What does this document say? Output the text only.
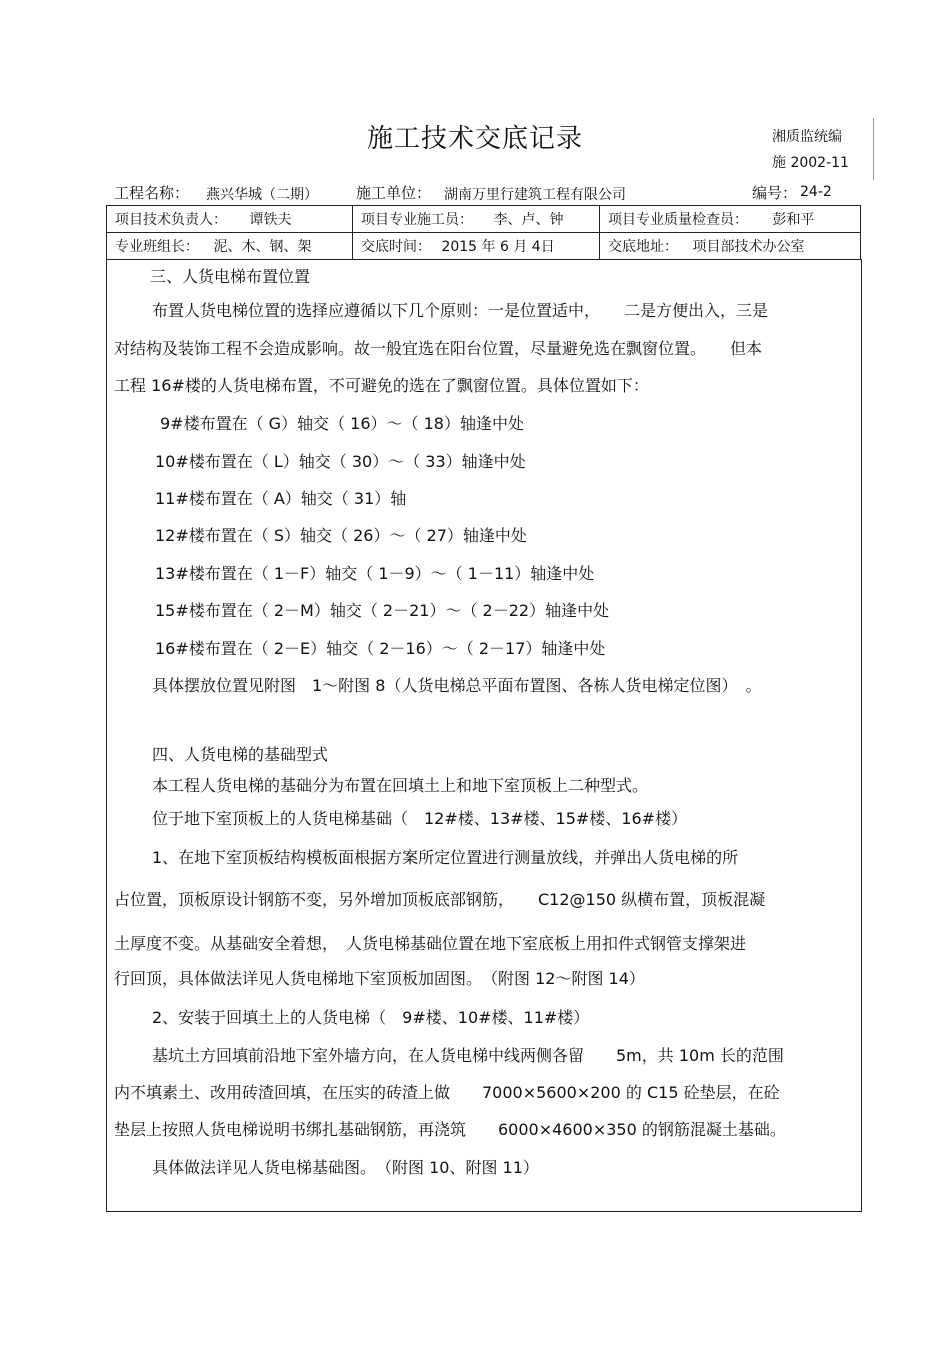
施工技术交底记录	湘质监统编
施 2002-11
工程名称： 燕兴华城（二期）	施工单位： 湖南万里行建筑工程有限公司	编号： 24-2
项目技术负责人： 谭铁夫	项目专业施工员： 李、卢、钟	项目专业质量检查员： 彭和平
专业班组长： 泥、木、钢、架	交底时间： 2015 年 6 月 4日	交底地址： 项目部技术办公室
三、人货电梯布置位置
布置人货电梯位置的选择应遵循以下几个原则：一是位置适中，　　二是方便出入，三是
对结构及装饰工程不会造成影响。故一般宜选在阳台位置，尽量避免选在飘窗位置。　　但本
工程 16#楼的人货电梯布置，不可避免的选在了飘窗位置。具体位置如下：
9#楼布置在（ G）轴交（ 16）～（ 18）轴逢中处
10#楼布置在（ L）轴交（ 30）～（ 33）轴逢中处
11#楼布置在（ A）轴交（ 31）轴
12#楼布置在（ S）轴交（ 26）～（ 27）轴逢中处
13#楼布置在（ 1－F）轴交（ 1－9）～（ 1－11）轴逢中处
15#楼布置在（ 2－M）轴交（ 2－21）～（ 2－22）轴逢中处
16#楼布置在（ 2－E）轴交（ 2－16）～（ 2－17）轴逢中处
具体摆放位置见附图　1～附图 8（人货电梯总平面布置图、各栋人货电梯定位图）　。
四、人货电梯的基础型式
本工程人货电梯的基础分为布置在回填土上和地下室顶板上二种型式。
位于地下室顶板上的人货电梯基础（　12#楼、13#楼、15#楼、16#楼）
1、在地下室顶板结构模板面根据方案所定位置进行测量放线，并弹出人货电梯的所
占位置，顶板原设计钢筋不变，另外增加顶板底部钢筋，　　C12@150 纵横布置，顶板混凝
土厚度不变。从基础安全着想，　人货电梯基础位置在地下室底板上用扣件式钢管支撑架进
行回顶，具体做法详见人货电梯地下室顶板加固图。　（附图 12～附图 14）
2、安装于回填土上的人货电梯（　9#楼、10#楼、11#楼）
基坑土方回填前沿地下室外墙方向，在人货电梯中线两侧各留　　5m，共 10m 长的范围
内不填素土、改用砖渣回填，在压实的砖渣上做　　7000×5600×200 的 C15 砼垫层，在砼
垫层上按照人货电梯说明书绑扎基础钢筋，再浇筑　　6000×4600×350 的钢筋混凝土基础。
具体做法详见人货电梯基础图。　（附图 10、附图 11）
